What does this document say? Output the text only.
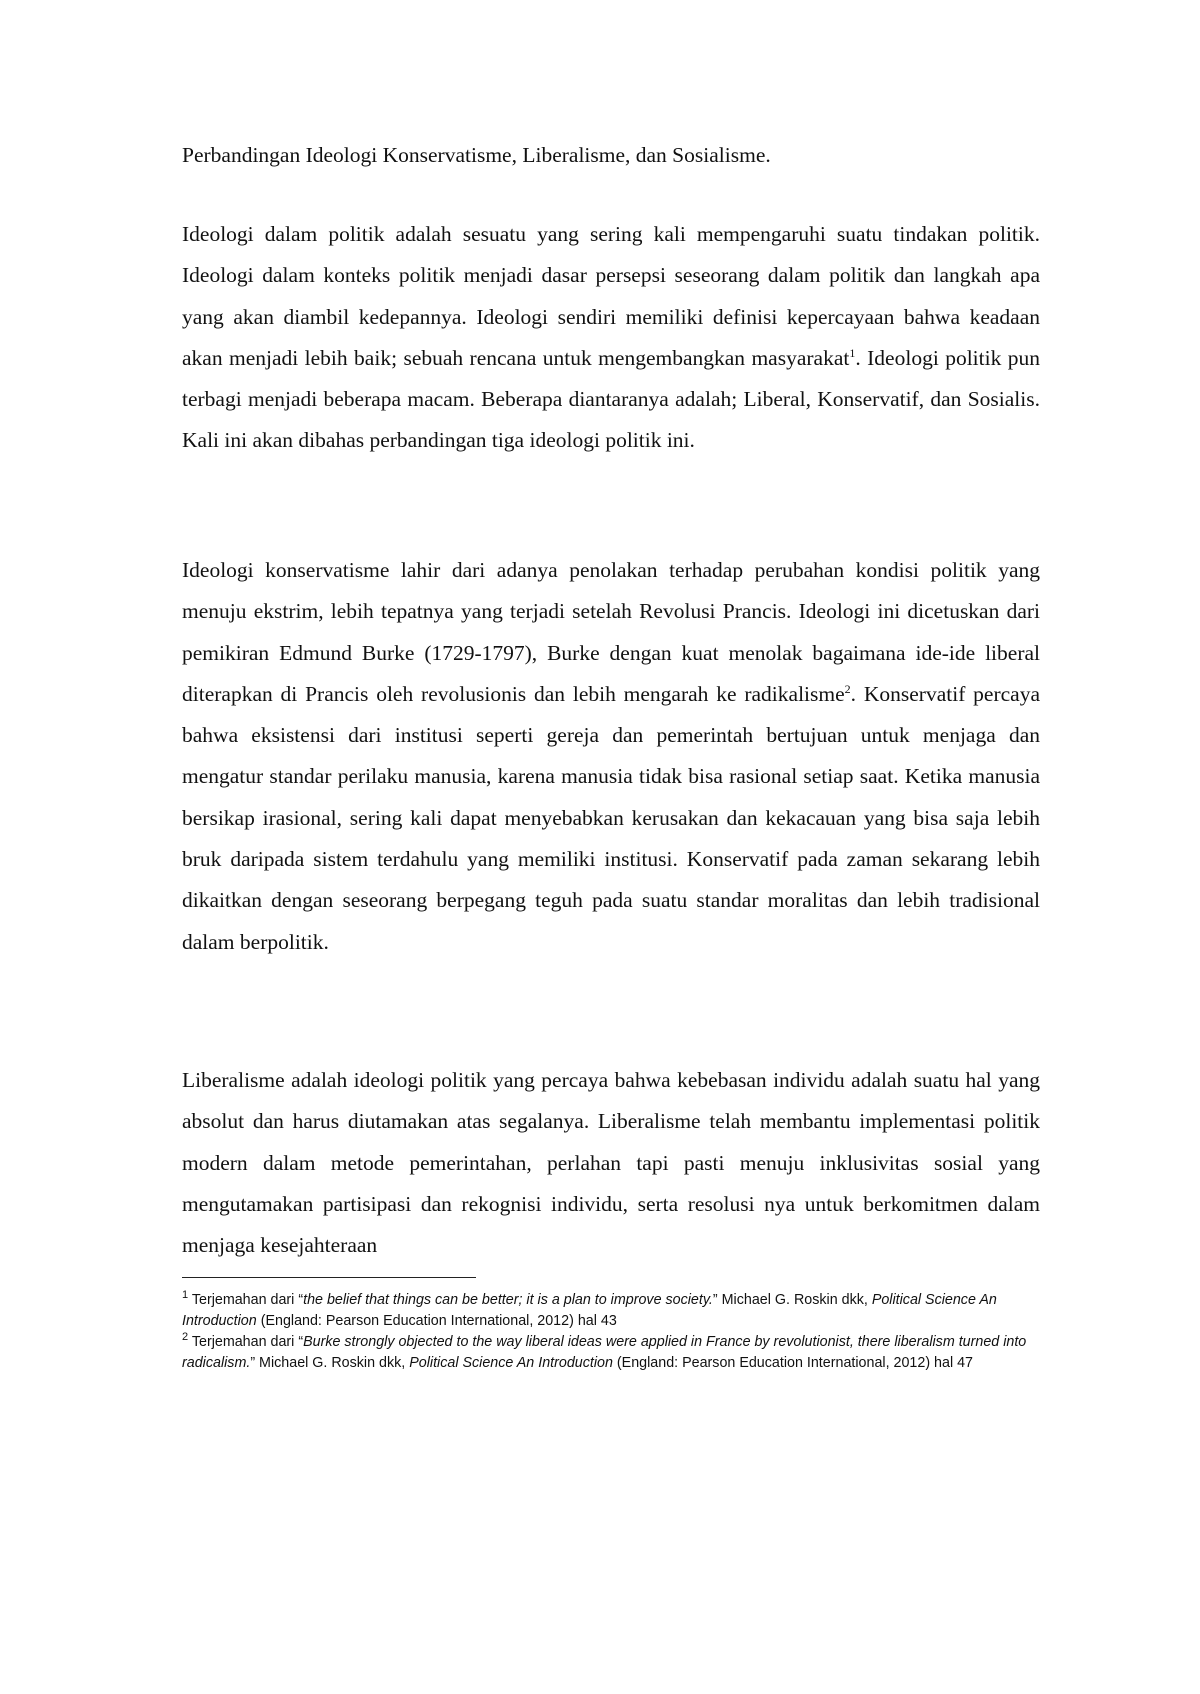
Perbandingan Ideologi Konservatisme, Liberalisme, dan Sosialisme.

Ideologi dalam politik adalah sesuatu yang sering kali mempengaruhi suatu tindakan politik. Ideologi dalam konteks politik menjadi dasar persepsi seseorang dalam politik dan langkah apa yang akan diambil kedepannya. Ideologi sendiri memiliki definisi kepercayaan bahwa keadaan akan menjadi lebih baik; sebuah rencana untuk mengembangkan masyarakat$^1$. Ideologi politik pun terbagi menjadi beberapa macam. Beberapa diantaranya adalah; Liberal, Konservatif, dan Sosialis. Kali ini akan dibahas perbandingan tiga ideologi politik ini.

Ideologi konservatisme lahir dari adanya penolakan terhadap perubahan kondisi politik yang menuju ekstrim, lebih tepatnya yang terjadi setelah Revolusi Prancis. Ideologi ini dicetuskan dari pemikiran Edmund Burke (1729-1797), Burke dengan kuat menolak bagaimana ide-ide liberal diterapkan di Prancis oleh revolusionis dan lebih mengarah ke radikalisme$^2$. Konservatif percaya bahwa eksistensi dari institusi seperti gereja dan pemerintah bertujuan untuk menjaga dan mengatur standar perilaku manusia, karena manusia tidak bisa rasional setiap saat. Ketika manusia bersikap irasional, sering kali dapat menyebabkan kerusakan dan kekacauan yang bisa saja lebih bruk daripada sistem terdahulu yang memiliki institusi. Konservatif pada zaman sekarang lebih dikaitkan dengan seseorang berpegang teguh pada suatu standar moralitas dan lebih tradisional dalam berpolitik.

Liberalisme adalah ideologi politik yang percaya bahwa kebebasan individu adalah suatu hal yang absolut dan harus diutamakan atas segalanya. Liberalisme telah membantu implementasi politik modern dalam metode pemerintahan, perlahan tapi pasti menuju inklusivitas sosial yang mengutamakan partisipasi dan rekognisi individu, serta resolusi nya untuk berkomitmen dalam menjaga kesejahteraan

$^1$ Terjemahan dari “the belief that things can be better; it is a plan to improve society.” Michael G. Roskin dkk, Political Science An Introduction (England: Pearson Education International, 2012) hal 43

$^2$ Terjemahan dari “Burke strongly objected to the way liberal ideas were applied in France by revolutionist, there liberalism turned into radicalism.” Michael G. Roskin dkk, Political Science An Introduction (England: Pearson Education International, 2012) hal 47
